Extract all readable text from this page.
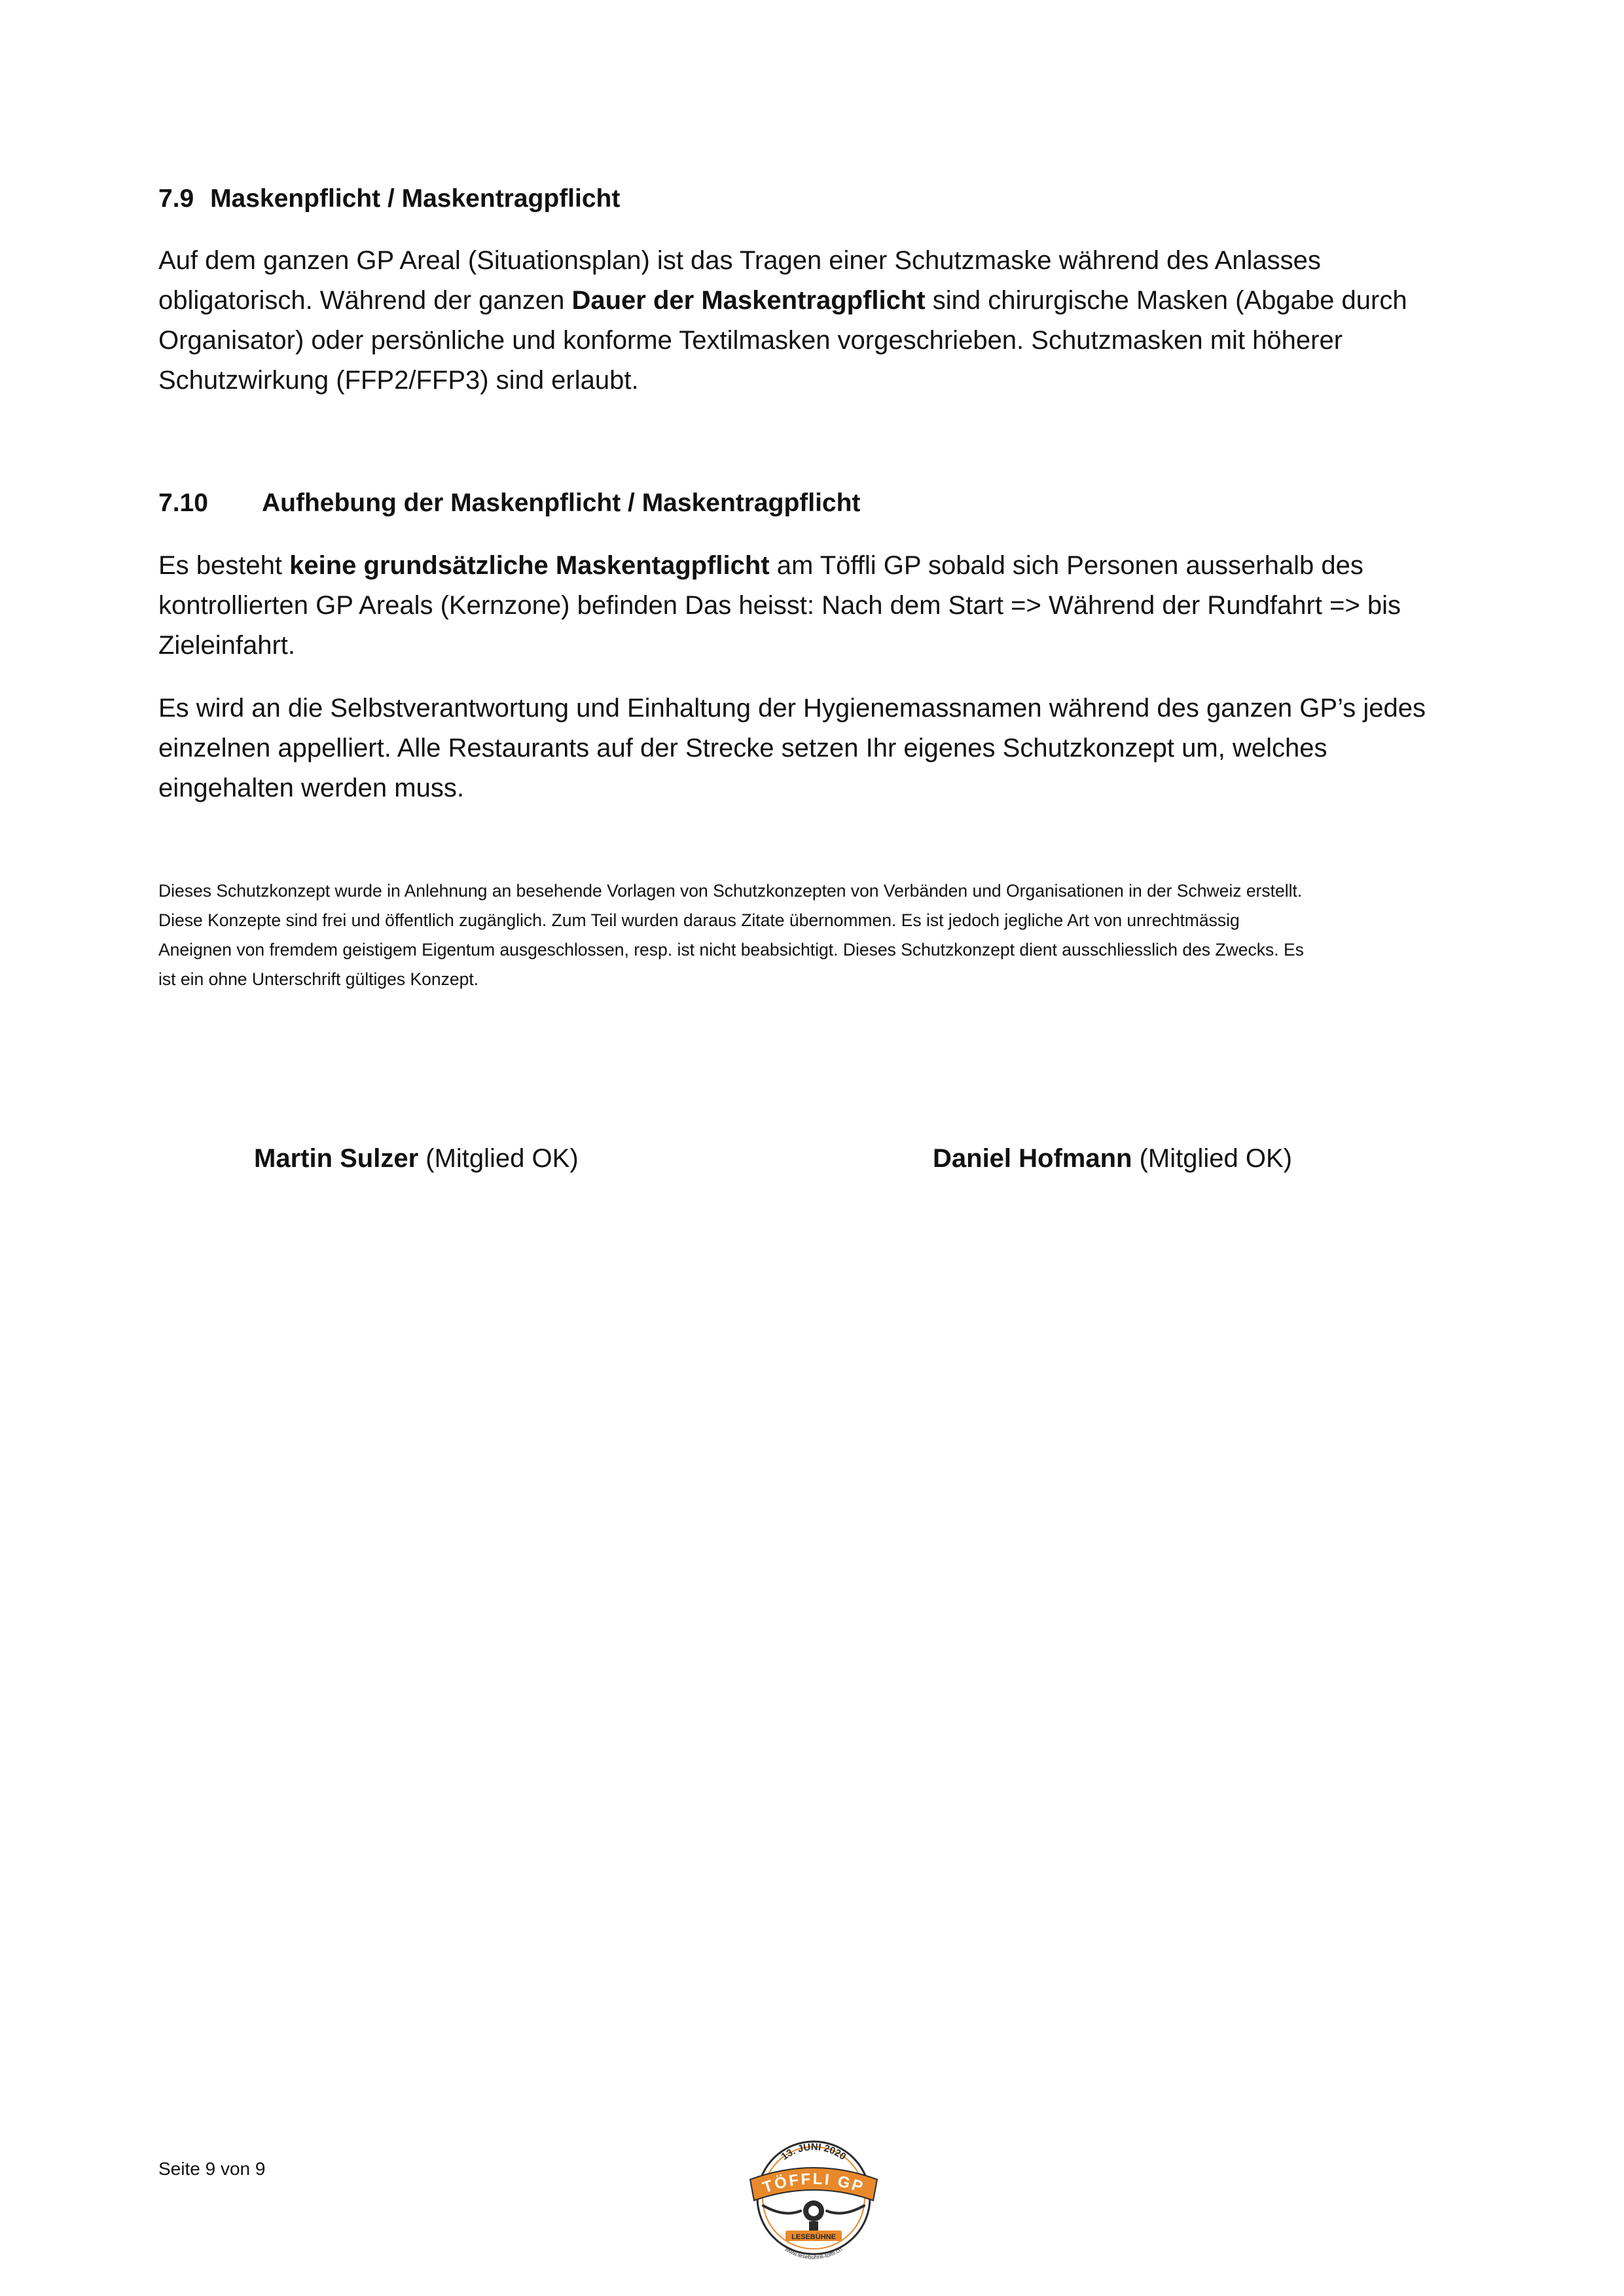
7.9 Maskenpflicht / Maskentragpflicht
Auf dem ganzen GP Areal (Situationsplan) ist das Tragen einer Schutzmaske während des Anlasses
obligatorisch. Während der ganzen Dauer der Maskentragpflicht sind chirurgische Masken (Abgabe durch
Organisator) oder persönliche und konforme Textilmasken vorgeschrieben. Schutzmasken mit höherer
Schutzwirkung (FFP2/FFP3) sind erlaubt.
7.10 Aufhebung der Maskenpflicht / Maskentragpflicht
Es besteht keine grundsätzliche Maskentagpflicht am Töffli GP sobald sich Personen ausserhalb des
kontrollierten GP Areals (Kernzone) befinden Das heisst: Nach dem Start => Während der Rundfahrt => bis
Zieleinfahrt.
Es wird an die Selbstverantwortung und Einhaltung der Hygienemassnamen während des ganzen GP’s jedes
einzelnen appelliert. Alle Restaurants auf der Strecke setzen Ihr eigenes Schutzkonzept um, welches
eingehalten werden muss.
Dieses Schutzkonzept wurde in Anlehnung an besehende Vorlagen von Schutzkonzepten von Verbänden und Organisationen in der Schweiz erstellt.
Diese Konzepte sind frei und öffentlich zugänglich. Zum Teil wurden daraus Zitate übernommen. Es ist jedoch jegliche Art von unrechtmässig
Aneignen von fremdem geistigem Eigentum ausgeschlossen, resp. ist nicht beabsichtigt. Dieses Schutzkonzept dient ausschliesslich des Zwecks. Es
ist ein ohne Unterschrift gültiges Konzept.
Martin Sulzer (Mitglied OK)	Daniel Hofmann (Mitglied OK)
Seite 9 von 9
13. JUNI 2020
TÖFFLI GP
LESEBÜHNE
www.lesebuhnli-toffli.ch
